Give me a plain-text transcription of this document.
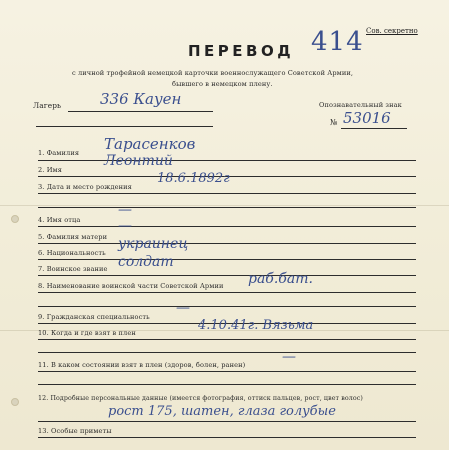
Сов. секретно
414
ПЕРЕВОД
с личной трофейной немецкой карточки военнослужащего Советской Армии,
бывшего в немецком плену.
Лагерь	336 Кауен	Опознавательный знак
№ 53016
1. Фамилия Тарасенков
2. Имя
Леонтий
3. Дата и место рождения
18.6.1892г
4. Имя отца
—
5. Фамилия матери
—
6. Национальность
украинец
7. Воинское звание солдат
8. Наименование воинской части Советской Армии раб.бат.
9. Гражданская специальность
—
10. Когда и где взят в плен	4.10.41г. Вязьма
11. В каком состоянии взят в плен (здоров, болен, ранен)	—
12. Подробные персональные данные (имеется фотография, оттиск пальцев, рост, цвет волос)
рост 175, шатен, глаза голубые
13. Особые приметы
